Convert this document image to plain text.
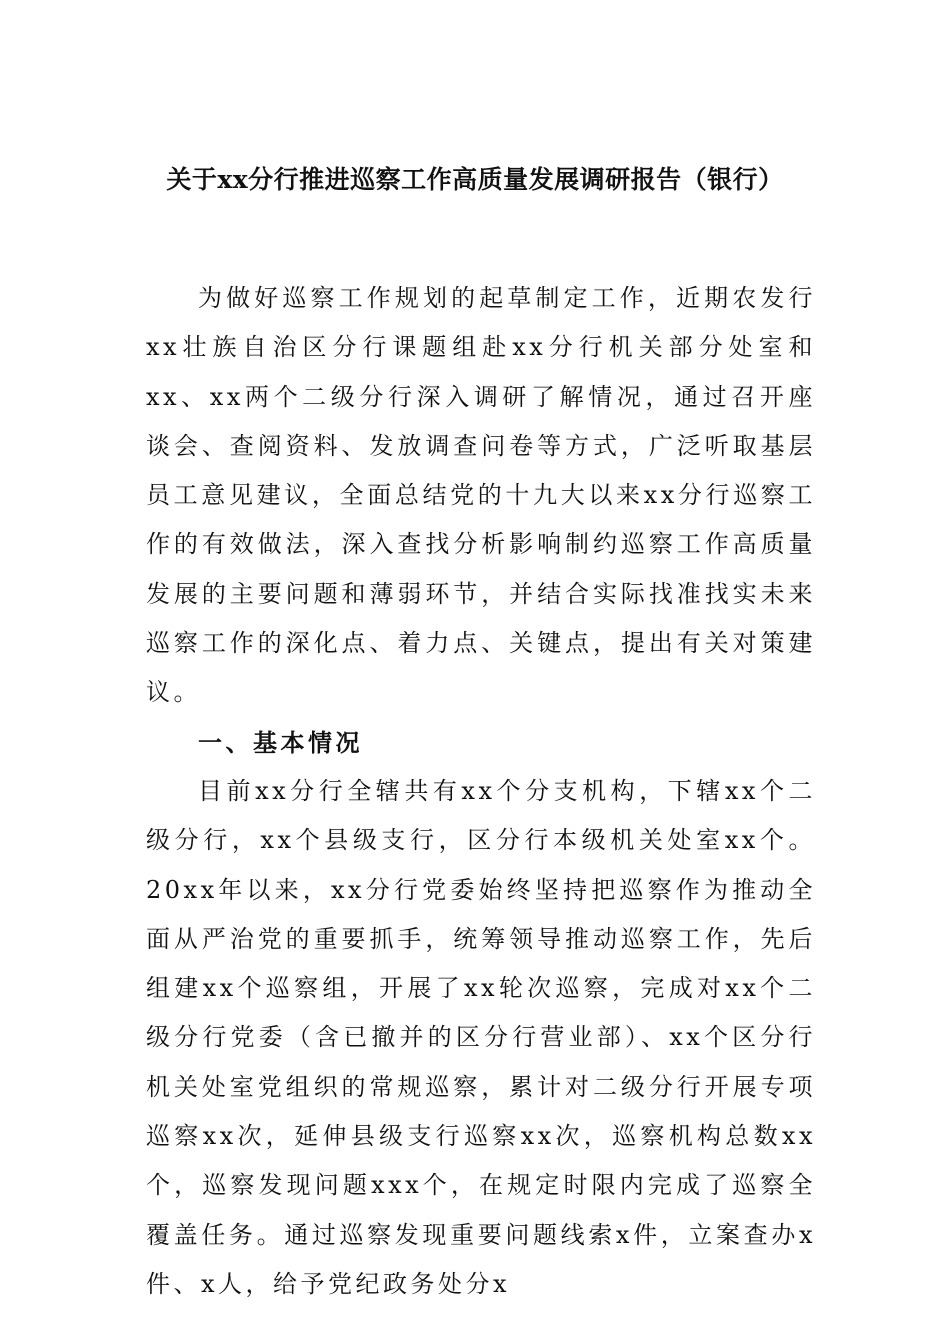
关于xx分行推进巡察工作高质量发展调研报告（银行）

为做好巡察工作规划的起草制定工作，近期农发行xx壮族自治区分行课题组赴xx分行机关部分处室和xx、xx两个二级分行深入调研了解情况，通过召开座谈会、查阅资料、发放调查问卷等方式，广泛听取基层员工意见建议，全面总结党的十九大以来xx分行巡察工作的有效做法，深入查找分析影响制约巡察工作高质量发展的主要问题和薄弱环节，并结合实际找准找实未来巡察工作的深化点、着力点、关键点，提出有关对策建议。

一、基本情况

目前xx分行全辖共有xx个分支机构，下辖xx个二级分行，xx个县级支行，区分行本级机关处室xx个。20xx年以来，xx分行党委始终坚持把巡察作为推动全面从严治党的重要抓手，统筹领导推动巡察工作，先后组建xx个巡察组，开展了xx轮次巡察，完成对xx个二级分行党委（含已撤并的区分行营业部）、xx个区分行机关处室党组织的常规巡察，累计对二级分行开展专项巡察xx次，延伸县级支行巡察xx次，巡察机构总数xx个，巡察发现问题xxx个，在规定时限内完成了巡察全覆盖任务。通过巡察发现重要问题线索x件，立案查办x件、x人，给予党纪政务处分x
